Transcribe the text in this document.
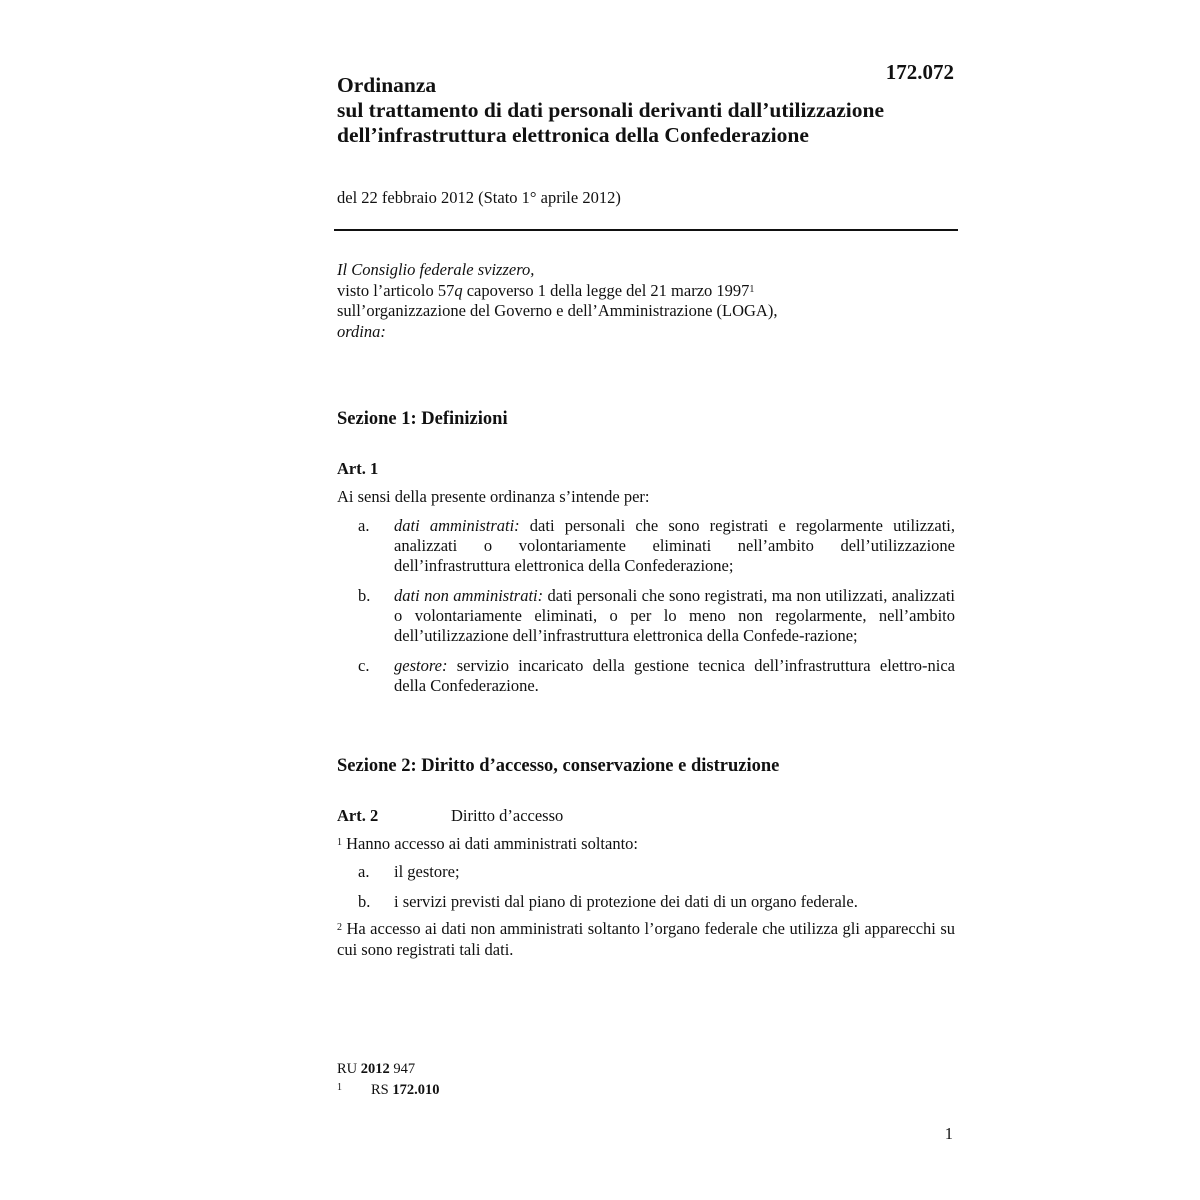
172.072
Ordinanza
sul trattamento di dati personali derivanti dall’utilizzazione
dell’infrastruttura elettronica della Confederazione
del 22 febbraio 2012 (Stato 1° aprile 2012)
Il Consiglio federale svizzero,
visto l’articolo 57q capoverso 1 della legge del 21 marzo 1997$^1$
sull’organizzazione del Governo e dell’Amministrazione (LOGA),
ordina:
Sezione 1: Definizioni
Art. 1
Ai sensi della presente ordinanza s’intende per:
a. dati amministrati: dati personali che sono registrati e regolarmente utilizzati, analizzati o volontariamente eliminati nell’ambito dell’utilizzazione dell’infrastruttura elettronica della Confederazione;
b. dati non amministrati: dati personali che sono registrati, ma non utilizzati, analizzati o volontariamente eliminati, o per lo meno non regolarmente, nell’ambito dell’utilizzazione dell’infrastruttura elettronica della Confede-razione;
c. gestore: servizio incaricato della gestione tecnica dell’infrastruttura elettro-nica della Confederazione.
Sezione 2: Diritto d’accesso, conservazione e distruzione
Art. 2	Diritto d’accesso
$^1$ Hanno accesso ai dati amministrati soltanto:
a. il gestore;
b. i servizi previsti dal piano di protezione dei dati di un organo federale.
$^2$ Ha accesso ai dati non amministrati soltanto l’organo federale che utilizza gli apparecchi su cui sono registrati tali dati.
RU 2012 947
1 RS 172.010
1
